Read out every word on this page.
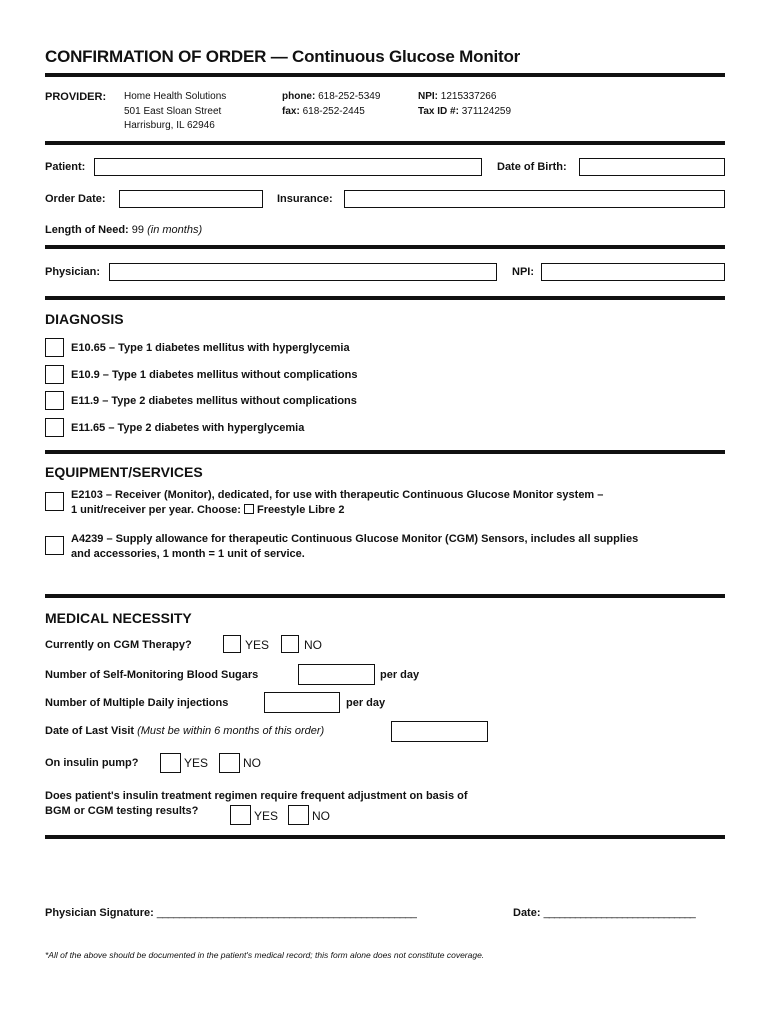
CONFIRMATION OF ORDER — Continuous Glucose Monitor
PROVIDER: Home Health Solutions
501 East Sloan Street
Harrisburg, IL 62946
phone: 618-252-5349
fax: 618-252-2445
NPI: 1215337266
Tax ID #: 371124259
Patient:	Date of Birth:
Order Date:	Insurance:
Length of Need: 99 (in months)
Physician:	NPI:
DIAGNOSIS
E10.65 – Type 1 diabetes mellitus with hyperglycemia
E10.9 – Type 1 diabetes mellitus without complications
E11.9 – Type 2 diabetes mellitus without complications
E11.65 – Type 2 diabetes with hyperglycemia
EQUIPMENT/SERVICES
E2103 – Receiver (Monitor), dedicated, for use with therapeutic Continuous Glucose Monitor system –
1 unit/receiver per year. Choose: Freestyle Libre 2
A4239 – Supply allowance for therapeutic Continuous Glucose Monitor (CGM) Sensors, includes all supplies
and accessories, 1 month = 1 unit of service.
MEDICAL NECESSITY
Currently on CGM Therapy?	YES	NO
Number of Self-Monitoring Blood Sugars	per day
Number of Multiple Daily injections	per day
Date of Last Visit (Must be within 6 months of this order)
On insulin pump?	YES	NO
Does patient's insulin treatment regimen require frequent adjustment on basis of
BGM or CGM testing results?	YES	NO
Physician Signature: _______________________________________________	Date: _____________________________
*All of the above should be documented in the patient's medical record; this form alone does not constitute coverage.
